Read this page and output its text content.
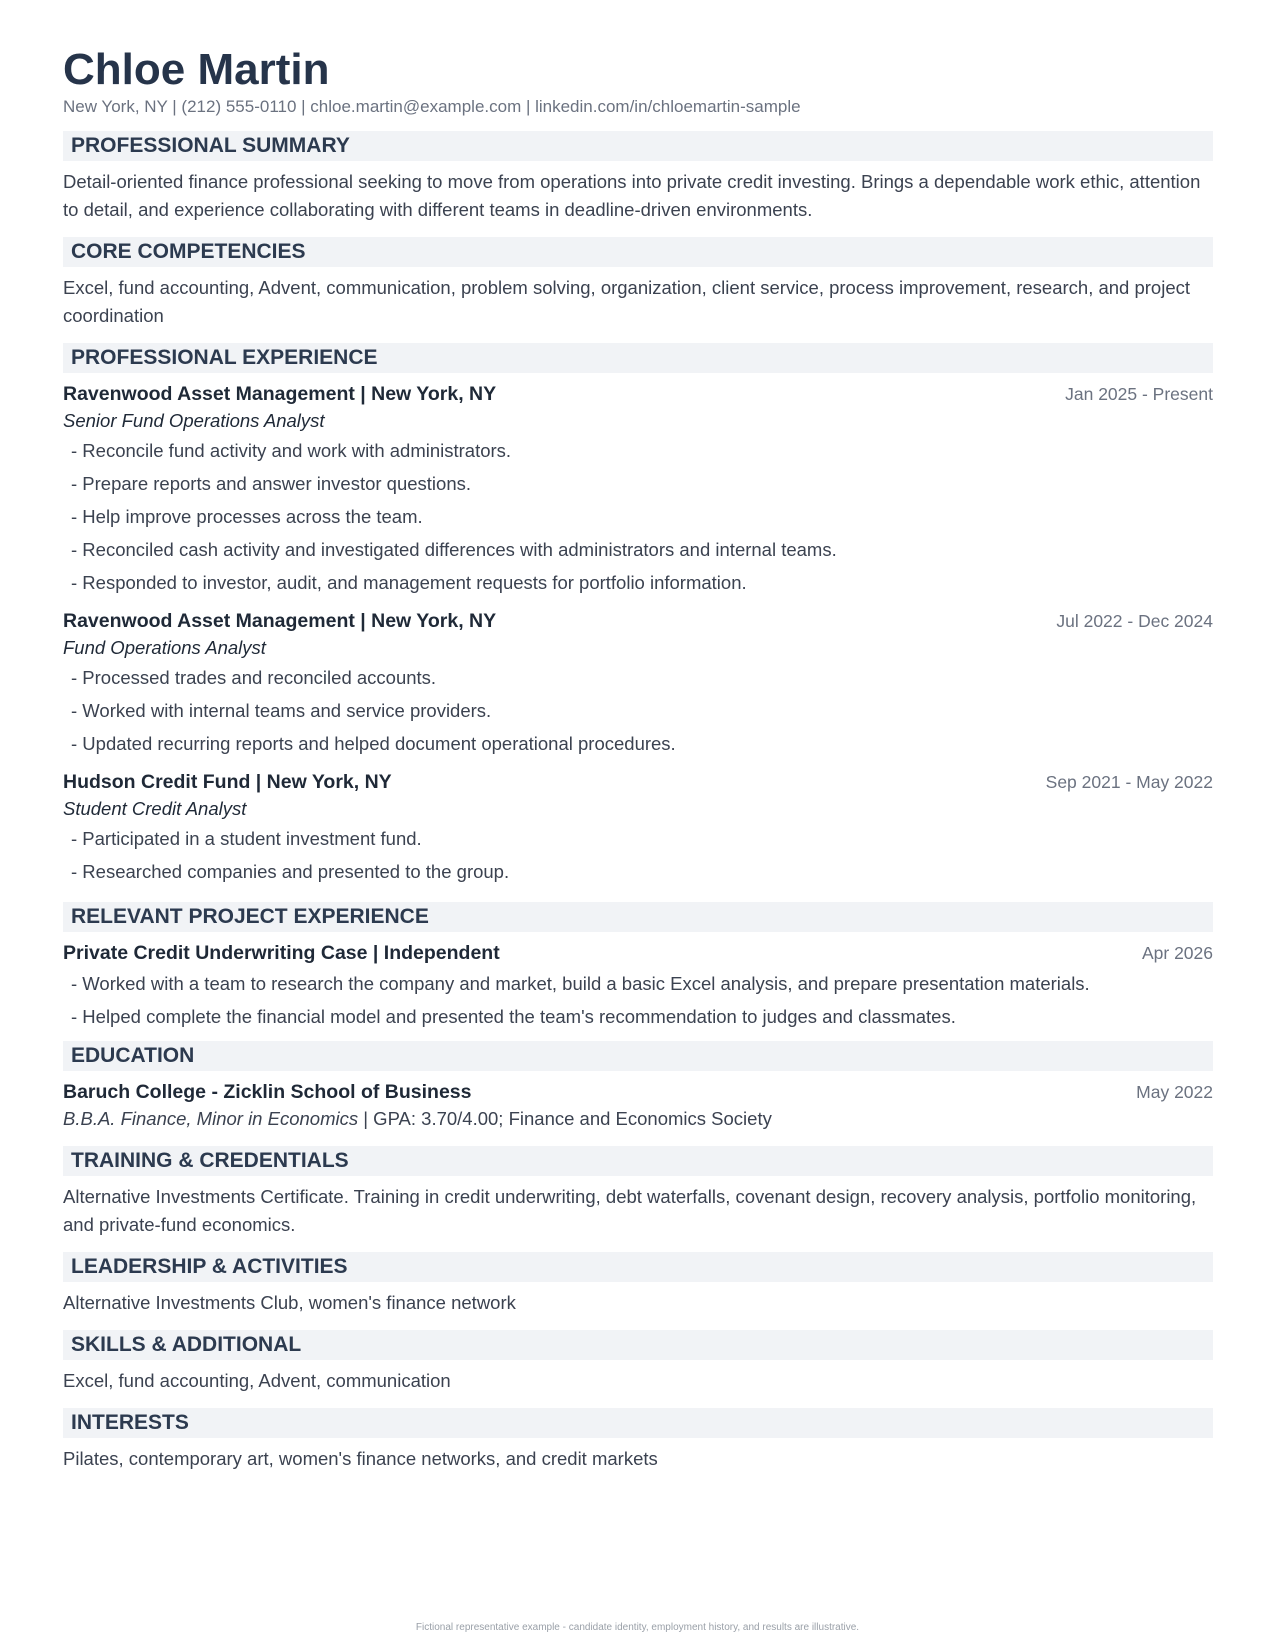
Chloe Martin
New York, NY | (212) 555-0110 | chloe.martin@example.com | linkedin.com/in/chloemartin-sample
PROFESSIONAL SUMMARY
Detail-oriented finance professional seeking to move from operations into private credit investing. Brings a dependable work ethic, attention to detail, and experience collaborating with different teams in deadline-driven environments.
CORE COMPETENCIES
Excel, fund accounting, Advent, communication, problem solving, organization, client service, process improvement, research, and project coordination
PROFESSIONAL EXPERIENCE
Ravenwood Asset Management | New York, NY	Jan 2025 - Present
Senior Fund Operations Analyst
- Reconcile fund activity and work with administrators.
- Prepare reports and answer investor questions.
- Help improve processes across the team.
- Reconciled cash activity and investigated differences with administrators and internal teams.
- Responded to investor, audit, and management requests for portfolio information.
Ravenwood Asset Management | New York, NY	Jul 2022 - Dec 2024
Fund Operations Analyst
- Processed trades and reconciled accounts.
- Worked with internal teams and service providers.
- Updated recurring reports and helped document operational procedures.
Hudson Credit Fund | New York, NY	Sep 2021 - May 2022
Student Credit Analyst
- Participated in a student investment fund.
- Researched companies and presented to the group.
RELEVANT PROJECT EXPERIENCE
Private Credit Underwriting Case | Independent	Apr 2026
- Worked with a team to research the company and market, build a basic Excel analysis, and prepare presentation materials.
- Helped complete the financial model and presented the team's recommendation to judges and classmates.
EDUCATION
Baruch College - Zicklin School of Business	May 2022
B.B.A. Finance, Minor in Economics | GPA: 3.70/4.00; Finance and Economics Society
TRAINING & CREDENTIALS
Alternative Investments Certificate. Training in credit underwriting, debt waterfalls, covenant design, recovery analysis, portfolio monitoring, and private-fund economics.
LEADERSHIP & ACTIVITIES
Alternative Investments Club, women's finance network
SKILLS & ADDITIONAL
Excel, fund accounting, Advent, communication
INTERESTS
Pilates, contemporary art, women's finance networks, and credit markets
Fictional representative example - candidate identity, employment history, and results are illustrative.
